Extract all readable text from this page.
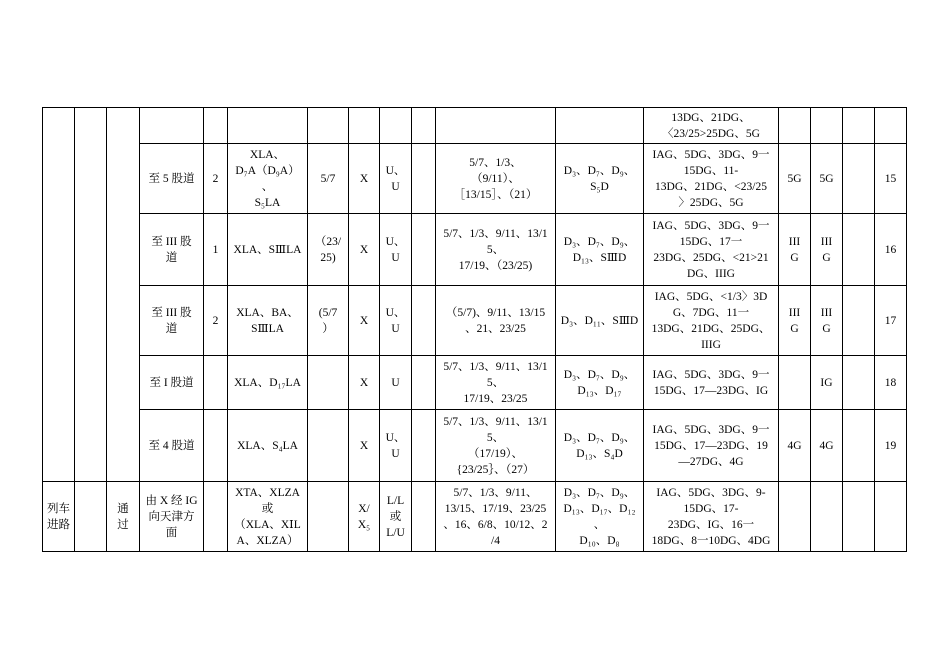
												13DG、21DG、
〈23/25>25DG、5G				

			至 5 股道	2	XLA、
D₇A（D₉A）
、
S₅LA	5/7	X	U、
U		5/7、1/3、
（9/11）、
［13/15］、（21）	D₃、D₇、D₉、
S₅D	IAG、5DG、3DG、9一
15DG、11-
13DG、21DG、<23/25
〉25DG、5G	5G	5G		15

			至 III 股
道	1	XLA、SⅢLA	（23/
25)	X	U、
U		5/7、1/3、9/11、13/1
5、
17/19、（23/25)	D₃、D₇、D₉、
D₁₃、SⅢD	IAG、5DG、3DG、9一
15DG、17一
23DG、25DG、<21>21
DG、IIIG	III
G	III
G		16

			至 III 股
道	2	XLA、BA、
SⅢLA	(5/7
）	X	U、
U		（5/7)、9/11、13/15
、21、23/25	D₃、D₁₁、SⅢD	IAG、5DG、<1/3〉3D
G、7DG、11一
13DG、21DG、25DG、
IIIG	III
G	III
G		17

			至 I 股道		XLA、D₁₇LA		X	U		5/7、1/3、9/11、13/1
5、
17/19、23/25	D₃、D₇、D₉、
D₁₃、D₁₇	IAG、5DG、3DG、9一
15DG、17—23DG、IG		IG		18

			至 4 股道		XLA、S₄LA		X	U、
U		5/7、1/3、9/11、13/1
5、
（17/19）、
{23/25｝、（27）	D₃、D₇、D₉、
D₁₃、S₄D	IAG、5DG、3DG、9一
15DG、17—23DG、19
—27DG、4G	4G	4G		19

列车
进路		通
过	由 X 经 IG
向天津方
面		XTA、XLZA
或
（XLA、XⅠL
A、XLZA）		X/
X₅	L/L
或
L/U		5/7、1/3、9/11、
13/15、17/19、23/25
、16、6/8、10/12、2
/4	D₃、D₇、D₉、
D₁₃、D₁₇、D₁₂
、
D₁₀、D₈	IAG、5DG、3DG、9-
15DG、17-
23DG、IG、16一
18DG、8一10DG、4DG				
